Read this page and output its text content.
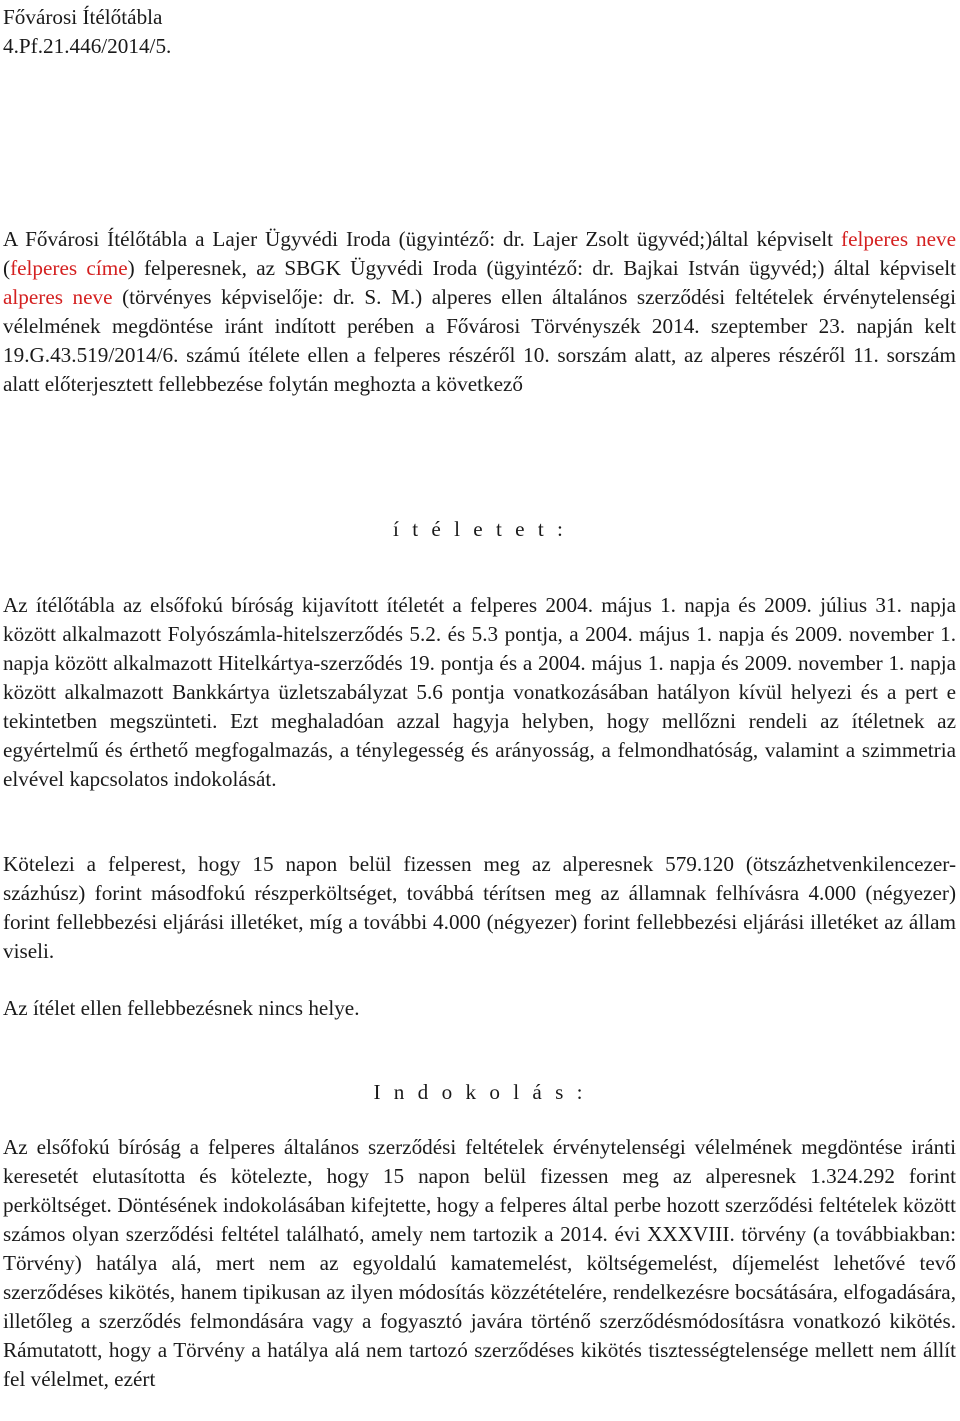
Fővárosi Ítélőtábla
4.Pf.21.446/2014/5.

A Fővárosi Ítélőtábla a Lajer Ügyvédi Iroda (ügyintéző: dr. Lajer Zsolt ügyvéd;)által képviselt felperes neve (felperes címe) felperesnek, az SBGK Ügyvédi Iroda (ügyintéző: dr. Bajkai István ügyvéd;) által képviselt alperes neve (törvényes képviselője: dr. S. M.) alperes ellen általános szerződési feltételek érvénytelenségi vélelmének megdöntése iránt indított perében a Fővárosi Törvényszék 2014. szeptember 23. napján kelt 19.G.43.519/2014/6. számú ítélete ellen a felperes részéről 10. sorszám alatt, az alperes részéről 11. sorszám alatt előterjesztett fellebbezése folytán meghozta a következő

í t é l e t e t :

Az ítélőtábla az elsőfokú bíróság kijavított ítéletét a felperes 2004. május 1. napja és 2009. július 31. napja között alkalmazott Folyószámla-hitelszerződés 5.2. és 5.3 pontja, a 2004. május 1. napja és 2009. november 1. napja között alkalmazott Hitelkártya-szerződés 19. pontja és a 2004. május 1. napja és 2009. november 1. napja között alkalmazott Bankkártya üzletszabályzat 5.6 pontja vonatkozásában hatályon kívül helyezi és a pert e tekintetben megszünteti. Ezt meghaladóan azzal hagyja helyben, hogy mellőzni rendeli az ítéletnek az egyértelmű és érthető megfogalmazás, a ténylegesség és arányosság, a felmondhatóság, valamint a szimmetria elvével kapcsolatos indokolását.

Kötelezi a felperest, hogy 15 napon belül fizessen meg az alperesnek 579.120 (ötszázhetvenkilencezer-százhúsz) forint másodfokú részperköltséget, továbbá térítsen meg az államnak felhívásra 4.000 (négyezer) forint fellebbezési eljárási illetéket, míg a további 4.000 (négyezer) forint fellebbezési eljárási illetéket az állam viseli.

Az ítélet ellen fellebbezésnek nincs helye.
I n d o k o l á s :

Az elsőfokú bíróság a felperes általános szerződési feltételek érvénytelenségi vélelmének megdöntése iránti keresetét elutasította és kötelezte, hogy 15 napon belül fizessen meg az alperesnek 1.324.292 forint perköltséget. Döntésének indokolásában kifejtette, hogy a felperes által perbe hozott szerződési feltételek között számos olyan szerződési feltétel található, amely nem tartozik a 2014. évi XXXVIII. törvény (a továbbiakban: Törvény) hatálya alá, mert nem az egyoldalú kamatemelést, költségemelést, díjemelést lehetővé tevő szerződéses kikötés, hanem tipikusan az ilyen módosítás közzétételére, rendelkezésre bocsátására, elfogadására, illetőleg a szerződés felmondására vagy a fogyasztó javára történő szerződésmódosításra vonatkozó kikötés. Rámutatott, hogy a Törvény a hatálya alá nem tartozó szerződéses kikötés tisztességtelensége mellett nem állít fel vélelmet, ezért
